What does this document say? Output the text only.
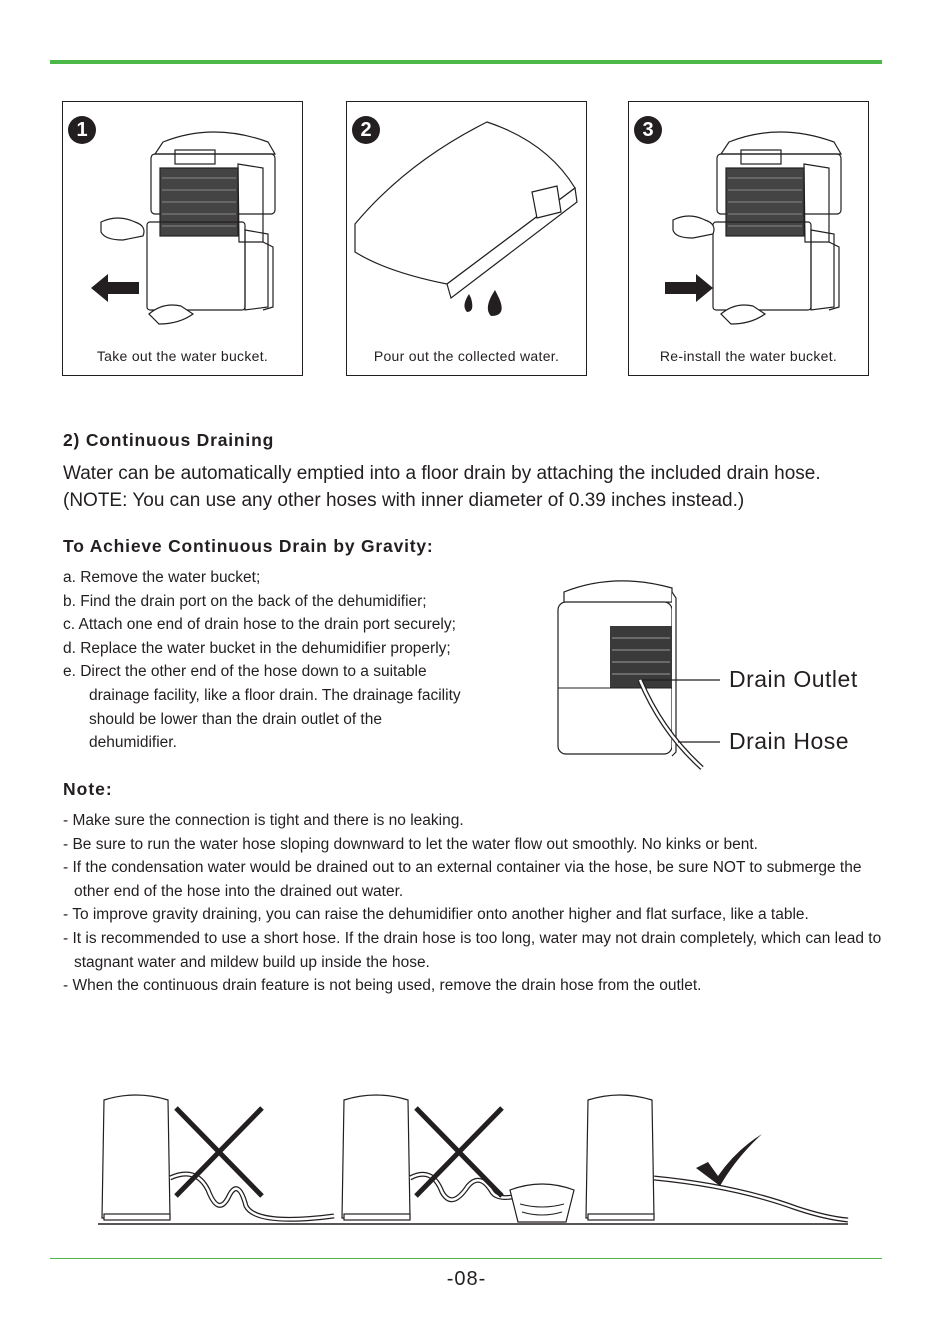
1
Take out the water bucket.
2
Pour out the collected water.
3
Re-install the water bucket.
2) Continuous Draining

Water can be automatically emptied into a floor drain by attaching the included drain hose. (NOTE: You can use any other hoses with inner diameter of 0.39 inches instead.)

To Achieve Continuous Drain by Gravity:
a. Remove the water bucket;
b. Find the drain port on the back of the dehumidifier;
c. Attach one end of drain hose to the drain port securely;
d. Replace the water bucket in the dehumidifier properly;
e. Direct the other end of the hose down to a suitable
drainage facility, like a floor drain. The drainage facility
should be lower than the drain outlet of the
dehumidifier.
Drain Outlet
Drain Hose
Note:
- Make sure the connection is tight and there is no leaking.
- Be sure to run the water hose sloping downward to let the water flow out smoothly. No kinks or bent.
- If the condensation water would be drained out to an external container via the hose, be sure NOT to submerge the other end of the hose into the drained out water.
- To improve gravity draining, you can raise the dehumidifier onto another higher and flat surface, like a table.
- It is recommended to use a short hose. If the drain hose is too long, water may not drain completely, which can lead to stagnant water and mildew build up inside the hose.
- When the continuous drain feature is not being used, remove the drain hose from the outlet.
-08-
